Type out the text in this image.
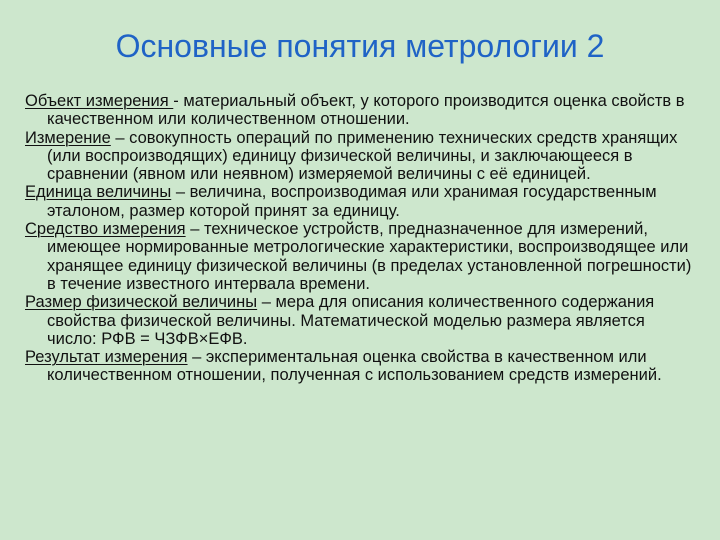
Основные понятия метрологии 2

Объект измерения - материальный объект, у которого производится оценка свойств в качественном или количественном отношении.

Измерение – совокупность операций по применению технических средств хранящих (или воспроизводящих) единицу физической величины, и заключающееся в сравнении (явном или неявном) измеряемой величины с её единицей.

Единица величины – величина, воспроизводимая или хранимая государственным эталоном, размер которой принят за единицу.

Средство измерения – техническое устройств, предназначенное для измерений, имеющее нормированные метрологические характеристики, воспроизводящее или хранящее единицу физической величины (в пределах установленной погрешности) в течение известного интервала времени.

Размер физической величины – мера для описания количественного содержания свойства физической величины. Математической моделью размера является число: РФВ = ЧЗФВ×ЕФВ.

Результат измерения – экспериментальная оценка свойства в качественном или количественном отношении, полученная с использованием средств измерений.
